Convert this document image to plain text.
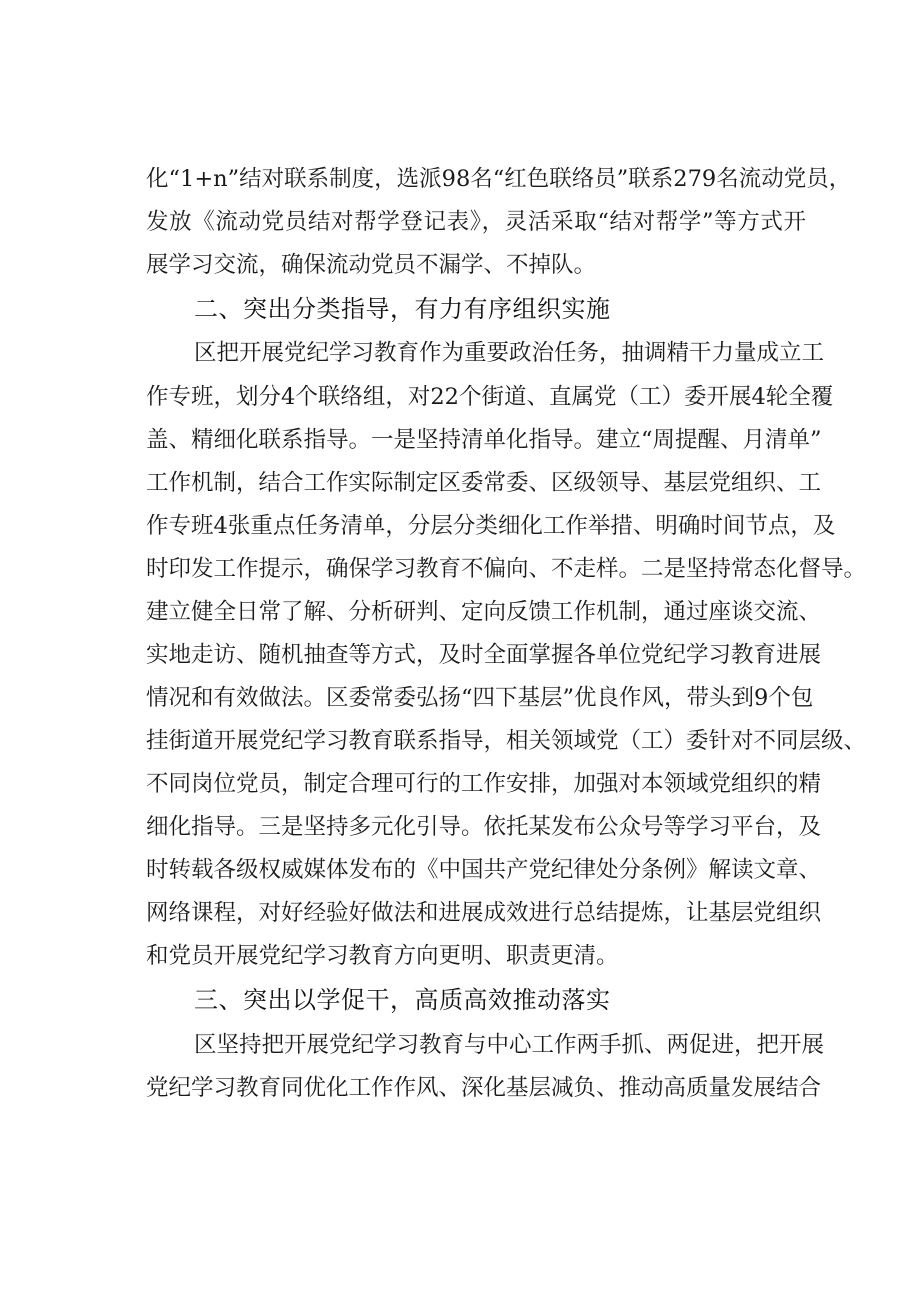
化“1+n”结对联系制度，选派98名“红色联络员”联系279名流动党员，
发放《流动党员结对帮学登记表》，灵活采取“结对帮学”等方式开
展学习交流，确保流动党员不漏学、不掉队。
二、突出分类指导，有力有序组织实施
区把开展党纪学习教育作为重要政治任务，抽调精干力量成立工
作专班，划分4个联络组，对22个街道、直属党（工）委开展4轮全覆
盖、精细化联系指导。一是坚持清单化指导。建立“周提醒、月清单”
工作机制，结合工作实际制定区委常委、区级领导、基层党组织、工
作专班4张重点任务清单，分层分类细化工作举措、明确时间节点，及
时印发工作提示，确保学习教育不偏向、不走样。二是坚持常态化督导。
建立健全日常了解、分析研判、定向反馈工作机制，通过座谈交流、
实地走访、随机抽查等方式，及时全面掌握各单位党纪学习教育进展
情况和有效做法。区委常委弘扬“四下基层”优良作风，带头到9个包
挂街道开展党纪学习教育联系指导，相关领域党（工）委针对不同层级、
不同岗位党员，制定合理可行的工作安排，加强对本领域党组织的精
细化指导。三是坚持多元化引导。依托某发布公众号等学习平台，及
时转载各级权威媒体发布的《中国共产党纪律处分条例》解读文章、
网络课程，对好经验好做法和进展成效进行总结提炼，让基层党组织
和党员开展党纪学习教育方向更明、职责更清。
三、突出以学促干，高质高效推动落实
区坚持把开展党纪学习教育与中心工作两手抓、两促进，把开展
党纪学习教育同优化工作作风、深化基层减负、推动高质量发展结合
